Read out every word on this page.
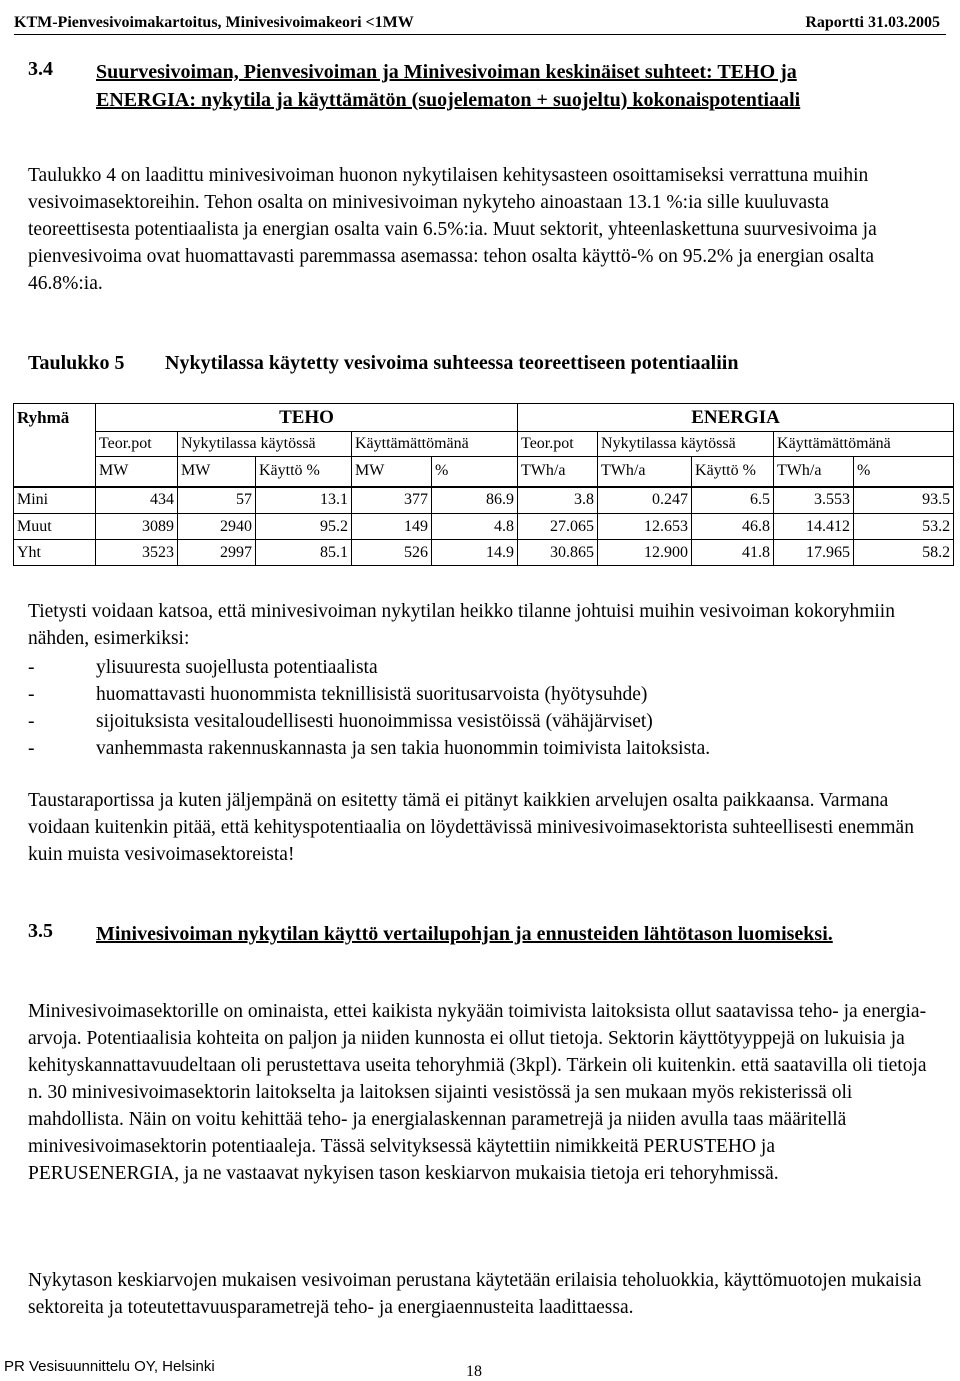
KTM-Pienvesivoimakartoitus, Minivesivoimakeori <1MW	Raportti 31.03.2005
3.4 Suurvesivoiman, Pienvesivoiman ja Minivesivoiman keskinäiset suhteet: TEHO ja ENERGIA: nykytila ja käyttämätön (suojelematon + suojeltu) kokonaispotentiaali
Taulukko 4 on laadittu minivesivoiman huonon nykytilaisen kehitysasteen osoittamiseksi verrattuna muihin vesivoimasektoreihin. Tehon osalta on minivesivoiman nykyteho ainoastaan 13.1 %:ia sille kuuluvasta teoreettisesta potentiaalista ja energian osalta vain 6.5%:ia. Muut sektorit, yhteenlaskettuna suurvesivoima ja pienvesivoima ovat huomattavasti paremmassa asemassa: tehon osalta käyttö-% on 95.2% ja energian osalta 46.8%:ia.
Taulukko 5 Nykytilassa käytetty vesivoima suhteessa teoreettiseen potentiaaliin
Ryhmä	TEHO					ENERGIA				
	Teor.pot	Nykytilassa käytössä		Käyttämättömänä		Teor.pot	Nykytilassa käytössä		Käyttämättömänä	
	MW	MW	Käyttö %	MW	%	TWh/a	TWh/a	Käyttö %	TWh/a	%
Mini	434	57	13.1	377	86.9	3.8	0.247	6.5	3.553	93.5
Muut	3089	2940	95.2	149	4.8	27.065	12.653	46.8	14.412	53.2
Yht	3523	2997	85.1	526	14.9	30.865	12.900	41.8	17.965	58.2
Tietysti voidaan katsoa, että minivesivoiman nykytilan heikko tilanne johtuisi muihin vesivoiman kokoryhmiin nähden, esimerkiksi:
-	ylisuuresta suojellusta potentiaalista
-	huomattavasti huonommista teknillisistä suoritusarvoista (hyötysuhde)
-	sijoituksista vesitaloudellisesti huonoimmissa vesistöissä (vähäjärviset)
-	vanhemmasta rakennuskannasta ja sen takia huonommin toimivista laitoksista.
Taustaraportissa ja kuten jäljempänä on esitetty tämä ei pitänyt kaikkien arvelujen osalta paikkaansa. Varmana voidaan kuitenkin pitää, että kehityspotentiaalia on löydettävissä minivesivoimasektorista suhteellisesti enemmän kuin muista vesivoimasektoreista!
3.5 Minivesivoiman nykytilan käyttö vertailupohjan ja ennusteiden lähtötason luomiseksi.
Minivesivoimasektorille on ominaista, ettei kaikista nykyään toimivista laitoksista ollut saatavissa teho- ja energia-arvoja. Potentiaalisia kohteita on paljon ja niiden kunnosta ei ollut tietoja. Sektorin käyttötyyppejä on lukuisia ja kehityskannattavuudeltaan oli perustettava useita tehoryhmiä (3kpl). Tärkein oli kuitenkin. että saatavilla oli tietoja n. 30 minivesivoimasektorin laitokselta ja laitoksen sijainti vesistössä ja sen mukaan myös rekisterissä oli mahdollista. Näin on voitu kehittää teho- ja energialaskennan parametrejä ja niiden avulla taas määritellä minivesivoimasektorin potentiaaleja. Tässä selvityksessä käytettiin nimikkeitä PERUSTEHO ja PERUSENERGIA, ja ne vastaavat nykyisen tason keskiarvon mukaisia tietoja eri tehoryhmissä.
Nykytason keskiarvojen mukaisen vesivoiman perustana käytetään erilaisia teholuokkia, käyttömuotojen mukaisia sektoreita ja toteutettavuusparametrejä teho- ja energiaennusteita laadittaessa.
PR Vesisuunnittelu OY, Helsinki	18
